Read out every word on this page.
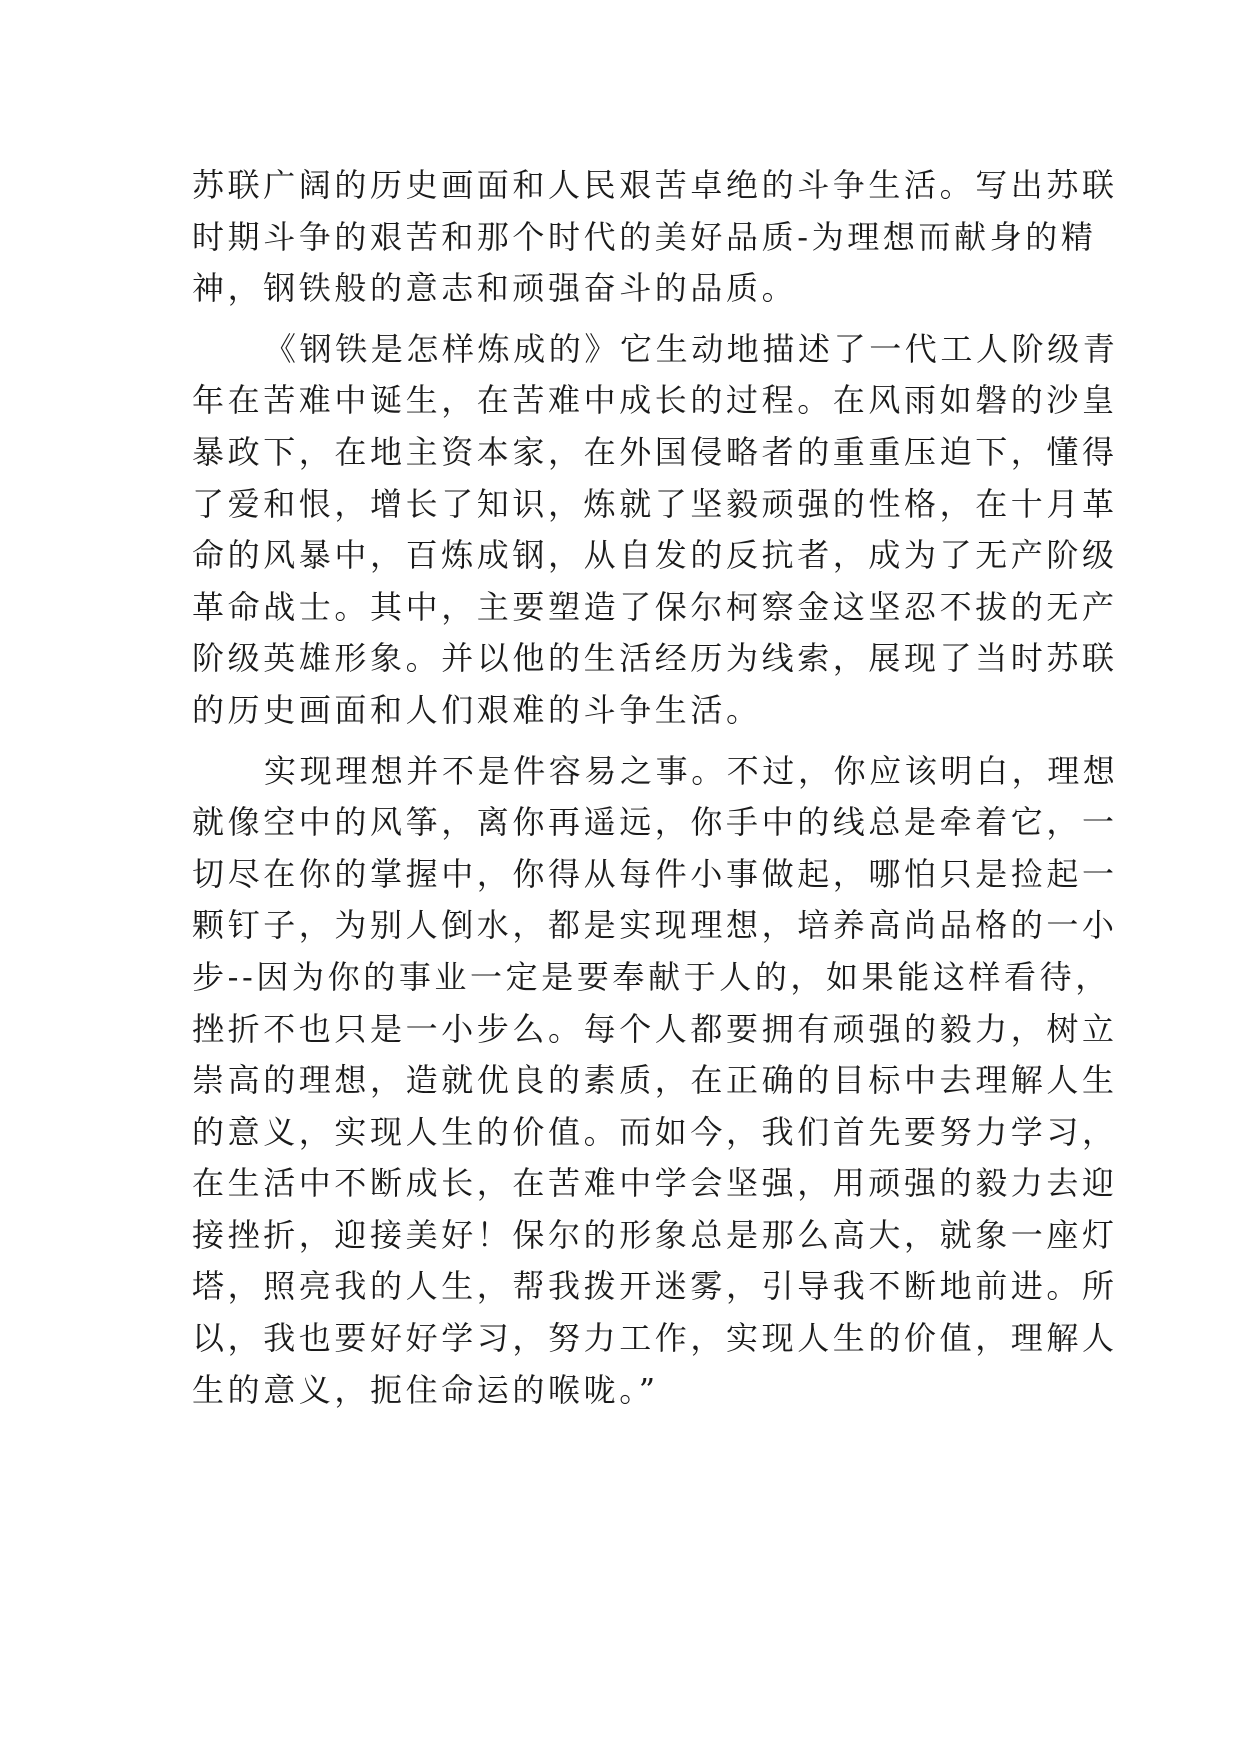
苏联广阔的历史画面和人民艰苦卓绝的斗争生活。写出苏联
时期斗争的艰苦和那个时代的美好品质-为理想而献身的精
神，钢铁般的意志和顽强奋斗的品质。
《钢铁是怎样炼成的》它生动地描述了一代工人阶级青
年在苦难中诞生，在苦难中成长的过程。在风雨如磐的沙皇
暴政下，在地主资本家，在外国侵略者的重重压迫下，懂得
了爱和恨，增长了知识，炼就了坚毅顽强的性格，在十月革
命的风暴中，百炼成钢，从自发的反抗者，成为了无产阶级
革命战士。其中，主要塑造了保尔柯察金这坚忍不拔的无产
阶级英雄形象。并以他的生活经历为线索，展现了当时苏联
的历史画面和人们艰难的斗争生活。
实现理想并不是件容易之事。不过，你应该明白，理想
就像空中的风筝，离你再遥远，你手中的线总是牵着它，一
切尽在你的掌握中，你得从每件小事做起，哪怕只是捡起一
颗钉子，为别人倒水，都是实现理想，培养高尚品格的一小
步--因为你的事业一定是要奉献于人的，如果能这样看待，
挫折不也只是一小步么。每个人都要拥有顽强的毅力，树立
崇高的理想，造就优良的素质，在正确的目标中去理解人生
的意义，实现人生的价值。而如今，我们首先要努力学习，
在生活中不断成长，在苦难中学会坚强，用顽强的毅力去迎
接挫折，迎接美好！保尔的形象总是那么高大，就象一座灯
塔，照亮我的人生，帮我拨开迷雾，引导我不断地前进。所
以，我也要好好学习，努力工作，实现人生的价值，理解人
生的意义，扼住命运的喉咙。”
